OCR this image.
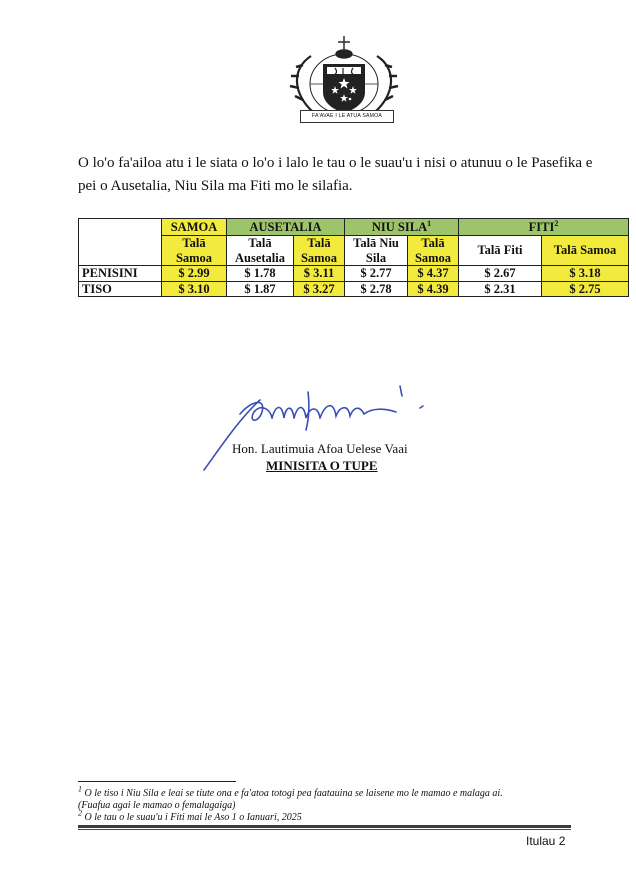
FA'AVAE I LE ATUA SAMOA
O lo'o fa'ailoa atu i le siata o lo'o i lalo le tau o le suau'u i nisi o atunuu o le Pasefika e pei o Ausetalia, Niu Sila ma Fiti mo le silafia.
	SAMOA	AUSETALIA		NIU SILA$^1$		FITI$^2$
	Talā Samoa	Talā Ausetalia	Talā Samoa	Talā Niu Sila	Talā Samoa	Talā Fiti	Talā Samoa
PENISINI	$ 2.99	$ 1.78	$ 3.11	$ 2.77	$ 4.37	$ 2.67	$ 3.18
TISO	$ 3.10	$ 1.87	$ 3.27	$ 2.78	$ 4.39	$ 2.31	$ 2.75
Hon. Lautimuia Afoa Uelese Vaai
MINISITA O TUPE
$^1$ O le tiso i Niu Sila e leai se tiute ona e fa'atoa totogi pea faatauina se laisene mo le mamao e malaga ai.
(Fuafua agai le mamao o femalagaiga)
$^2$ O le tau o le suau'u i Fiti mai le Aso 1 o Ianuari, 2025
Itulau 2
